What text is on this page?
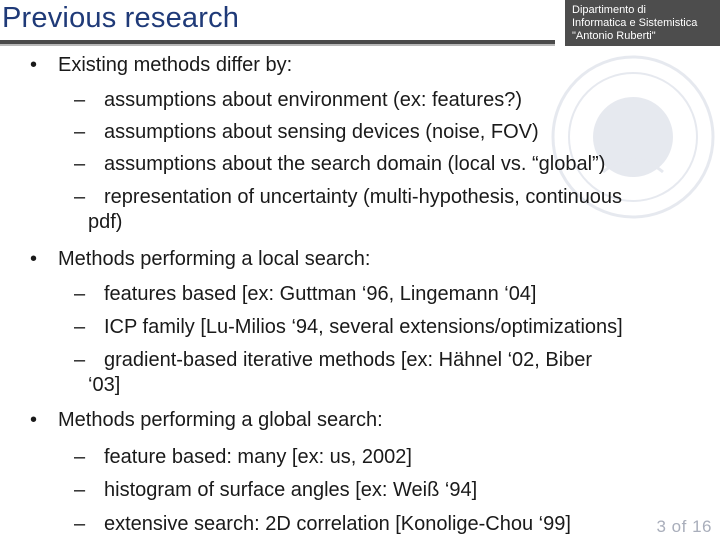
Previous research	Dipartimento di
Informatica e Sistemistica
"Antonio Ruberti"
• Existing methods differ by:
– assumptions about environment (ex: features?)
– assumptions about sensing devices (noise, FOV)
– assumptions about the search domain (local vs. “global”)
– representation of uncertainty (multi-hypothesis, continuous
pdf)
• Methods performing a local search:
– features based [ex: Guttman ‘96, Lingemann ‘04]
– ICP family [Lu-Milios ‘94, several extensions/optimizations]
– gradient-based iterative methods [ex: Hähnel ‘02, Biber
‘03]
• Methods performing a global search:
– feature based: many [ex: us, 2002]
– histogram of surface angles [ex: Weiß ‘94]
– extensive search: 2D correlation [Konolige-Chou ‘99]	3 of 16
